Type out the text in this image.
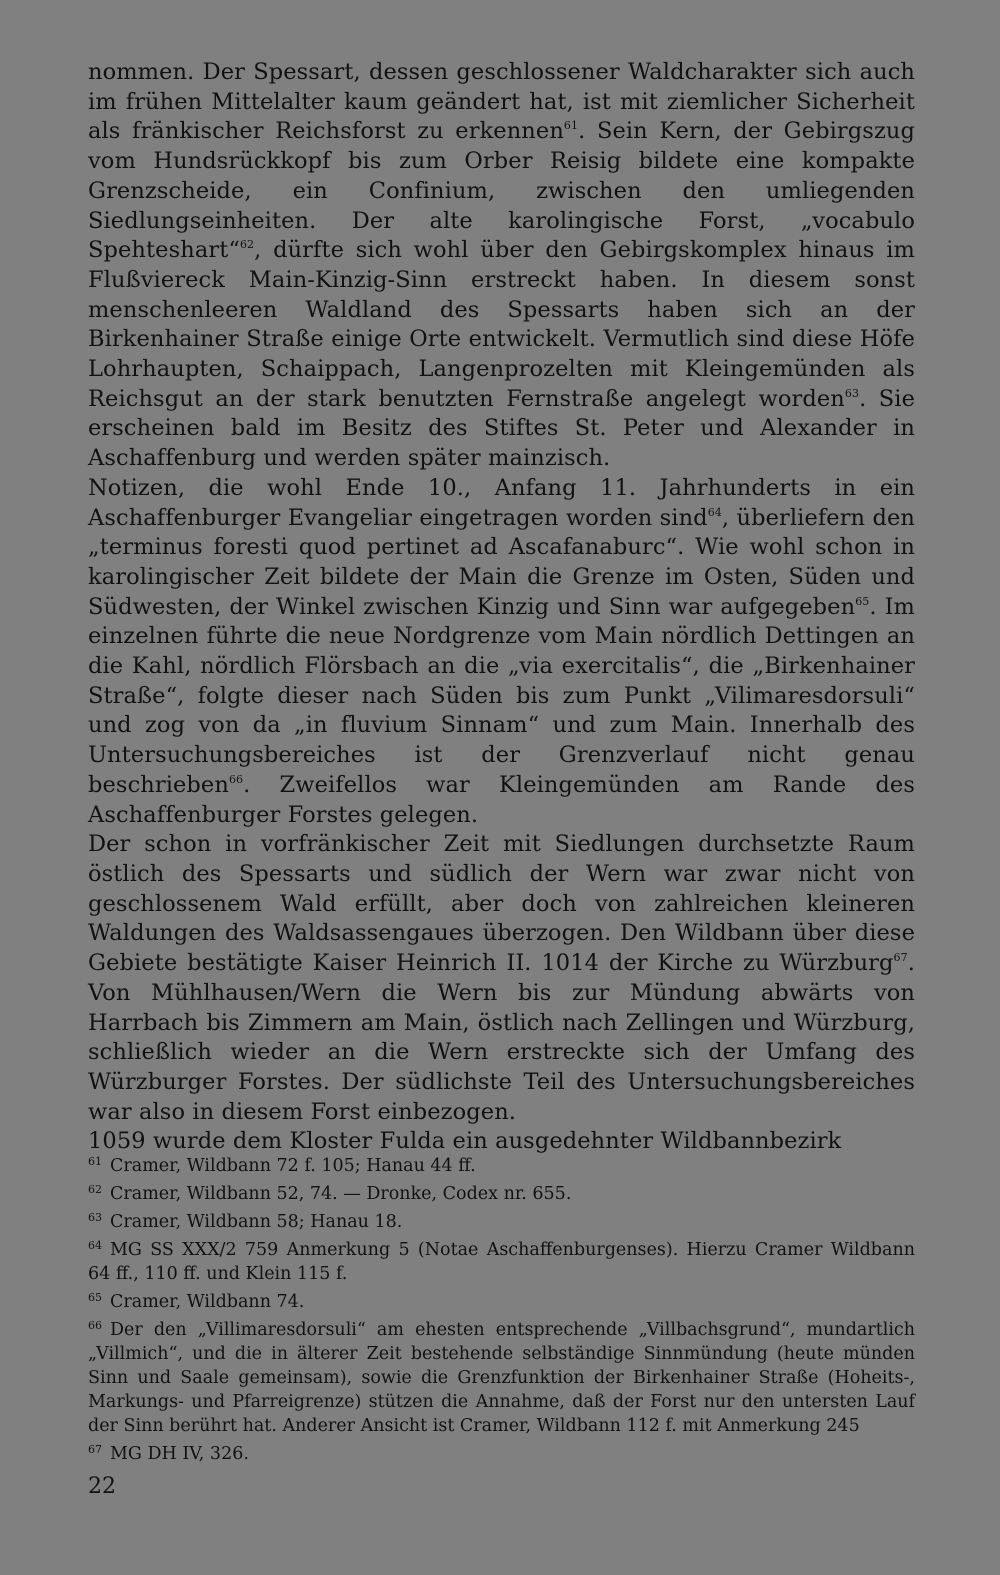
nommen. Der Spessart, dessen geschlossener Waldcharakter sich auch im frühen Mittelalter kaum geändert hat, ist mit ziemlicher Sicherheit als fränkischer Reichsforst zu erkennen$^{61}$. Sein Kern, der Gebirgszug vom Hundsrückkopf bis zum Orber Reisig bildete eine kompakte Grenzscheide, ein Confinium, zwischen den umliegenden Siedlungseinheiten. Der alte karolingische Forst, „vocabulo Spehteshart“$^{62}$, dürfte sich wohl über den Gebirgskomplex hinaus im Flußviereck Main-Kinzig-Sinn erstreckt haben. In diesem sonst menschenleeren Waldland des Spessarts haben sich an der Birkenhainer Straße einige Orte entwickelt. Vermutlich sind diese Höfe Lohrhaupten, Schaippach, Langenprozelten mit Kleingemünden als Reichsgut an der stark benutzten Fernstraße angelegt worden$^{63}$. Sie erscheinen bald im Besitz des Stiftes St. Peter und Alexander in Aschaffenburg und werden später mainzisch.

Notizen, die wohl Ende 10., Anfang 11. Jahrhunderts in ein Aschaffenburger Evangeliar eingetragen worden sind$^{64}$, überliefern den „terminus foresti quod pertinet ad Ascafanaburc“. Wie wohl schon in karolingischer Zeit bildete der Main die Grenze im Osten, Süden und Südwesten, der Winkel zwischen Kinzig und Sinn war aufgegeben$^{65}$. Im einzelnen führte die neue Nordgrenze vom Main nördlich Dettingen an die Kahl, nördlich Flörsbach an die „via exercitalis“, die „Birkenhainer Straße“, folgte dieser nach Süden bis zum Punkt „Vilimaresdorsuli“ und zog von da „in fluvium Sinnam“ und zum Main. Innerhalb des Untersuchungsbereiches ist der Grenzverlauf nicht genau beschrieben$^{66}$. Zweifellos war Kleingemünden am Rande des Aschaffenburger Forstes gelegen.

Der schon in vorfränkischer Zeit mit Siedlungen durchsetzte Raum östlich des Spessarts und südlich der Wern war zwar nicht von geschlossenem Wald erfüllt, aber doch von zahlreichen kleineren Waldungen des Waldsassengaues überzogen. Den Wildbann über diese Gebiete bestätigte Kaiser Heinrich II. 1014 der Kirche zu Würzburg$^{67}$. Von Mühlhausen/Wern die Wern bis zur Mündung abwärts von Harrbach bis Zimmern am Main, östlich nach Zellingen und Würzburg, schließlich wieder an die Wern erstreckte sich der Umfang des Würzburger Forstes. Der südlichste Teil des Untersuchungsbereiches war also in diesem Forst einbezogen.

1059 wurde dem Kloster Fulda ein ausgedehnter Wildbannbezirk

$^{61}$ Cramer, Wildbann 72 f. 105; Hanau 44 ff.

$^{62}$ Cramer, Wildbann 52, 74. — Dronke, Codex nr. 655.

$^{63}$ Cramer, Wildbann 58; Hanau 18.

$^{64}$ MG SS XXX/2 759 Anmerkung 5 (Notae Aschaffenburgenses). Hierzu Cramer Wildbann 64 ff., 110 ff. und Klein 115 f.

$^{65}$ Cramer, Wildbann 74.

$^{66}$ Der den „Villimaresdorsuli“ am ehesten entsprechende „Villbachsgrund“, mundartlich „Villmich“, und die in älterer Zeit bestehende selbständige Sinnmündung (heute münden Sinn und Saale gemeinsam), sowie die Grenzfunktion der Birkenhainer Straße (Hoheits-, Markungs- und Pfarreigrenze) stützen die Annahme, daß der Forst nur den untersten Lauf der Sinn berührt hat. Anderer Ansicht ist Cramer, Wildbann 112 f. mit Anmerkung 245

$^{67}$ MG DH IV, 326.

22
